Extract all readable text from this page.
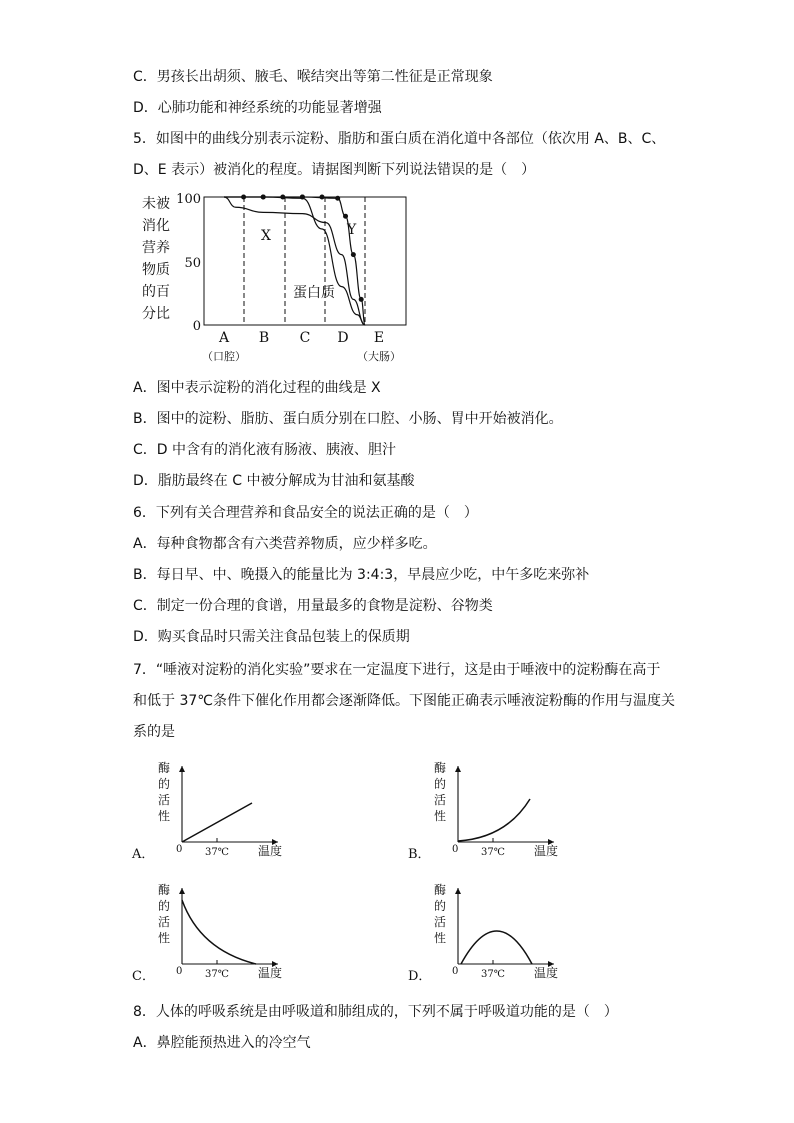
C．男孩长出胡须、腋毛、喉结突出等第二性征是正常现象
D．心肺功能和神经系统的功能显著增强
5．如图中的曲线分别表示淀粉、脂肪和蛋白质在消化道中各部位（依次用 A、B、C、
D、E 表示）被消化的程度。请据图判断下列说法错误的是（　）
未被
消化
营养
物质
的百
分比
100
50
0
X	Y
蛋白质
A B C D E
（口腔）	（大肠）
A．图中表示淀粉的消化过程的曲线是 X
B．图中的淀粉、脂肪、蛋白质分别在口腔、小肠、胃中开始被消化。
C．D 中含有的消化液有肠液、胰液、胆汁
D．脂肪最终在 C 中被分解成为甘油和氨基酸
6．下列有关合理营养和食品安全的说法正确的是（　）
A．每种食物都含有六类营养物质，应少样多吃。
B．每日早、中、晚摄入的能量比为 3:4:3，早晨应少吃，中午多吃来弥补
C．制定一份合理的食谱，用量最多的食物是淀粉、谷物类
D．购买食品时只需关注食品包装上的保质期
7．“唾液对淀粉的消化实验”要求在一定温度下进行，这是由于唾液中的淀粉酶在高于
和低于 37℃条件下催化作用都会逐渐降低。下图能正确表示唾液淀粉酶的作用与温度关
系的是
酶
的
活
性
0 37℃ 温度
A．
酶
的
活
性
0 37℃ 温度
B．
酶
的
活
性
0 37℃ 温度
C．
酶
的
活
性
0 37℃ 温度
D．
8．人体的呼吸系统是由呼吸道和肺组成的，下列不属于呼吸道功能的是（　）
A．鼻腔能预热进入的冷空气
